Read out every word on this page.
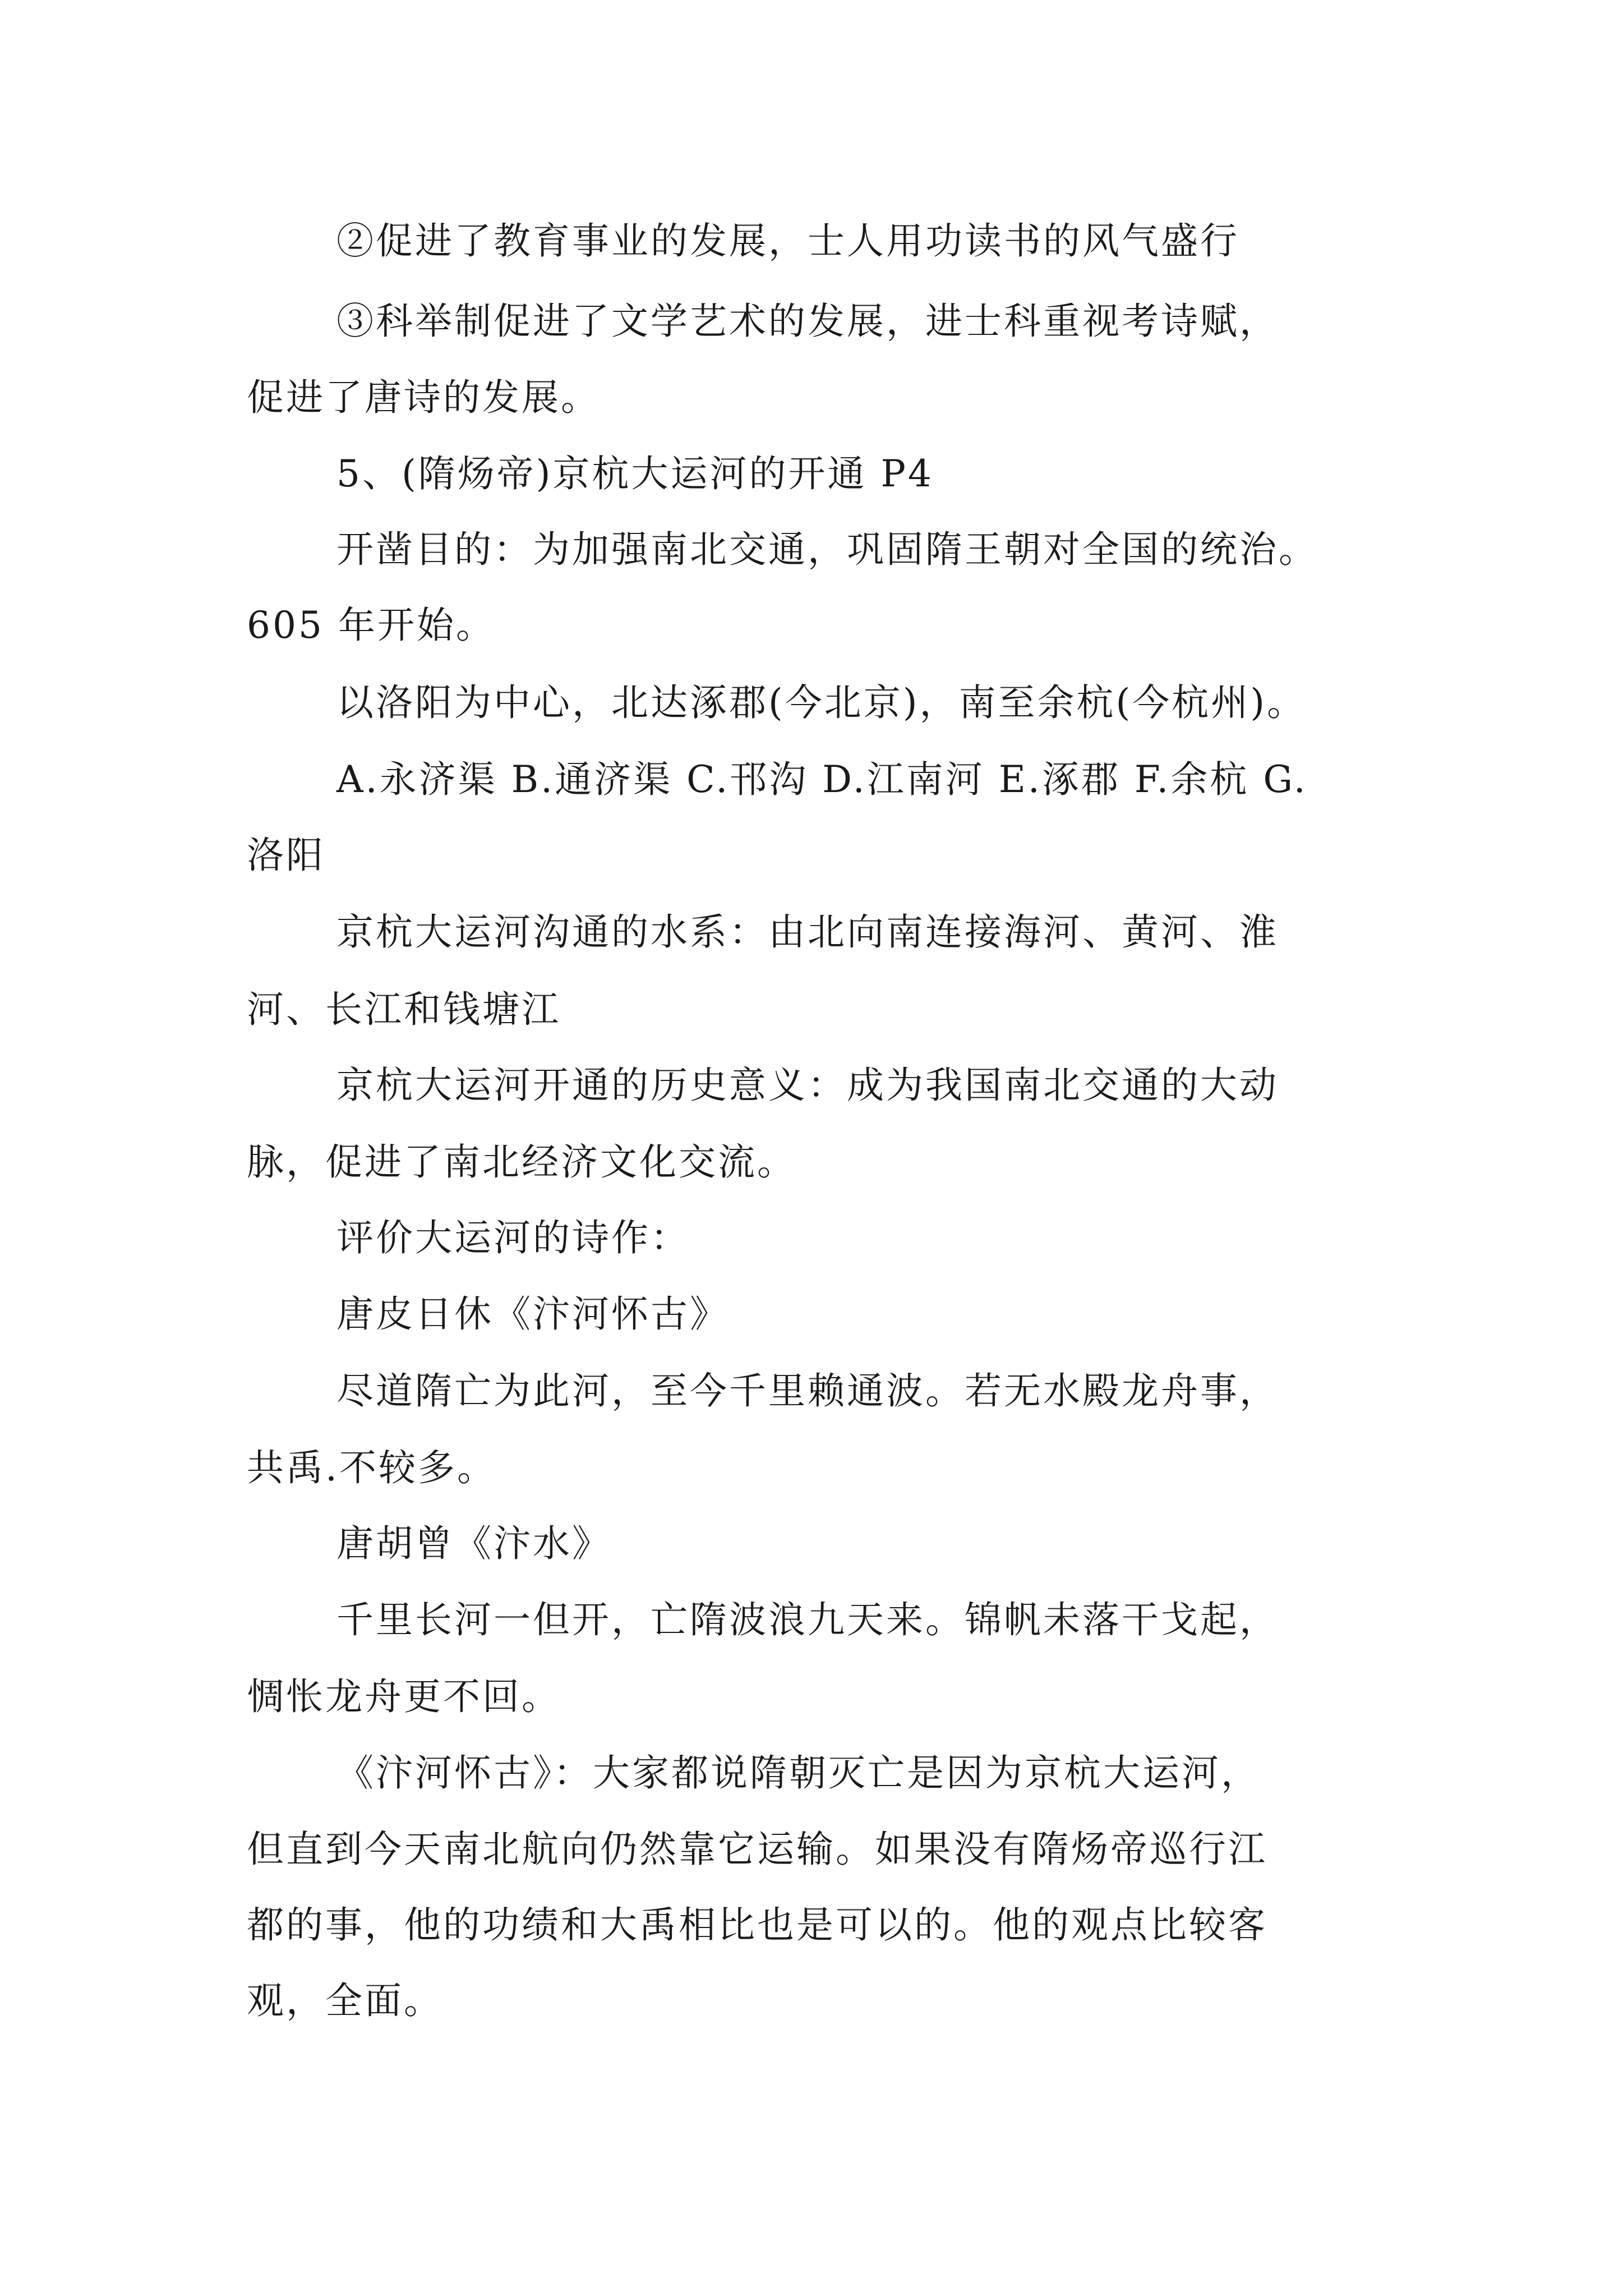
②促进了教育事业的发展，士人用功读书的风气盛行
③科举制促进了文学艺术的发展，进士科重视考诗赋，
促进了唐诗的发展。
5、(隋炀帝)京杭大运河的开通 P4
开凿目的：为加强南北交通，巩固隋王朝对全国的统治。
605 年开始。
以洛阳为中心，北达涿郡(今北京)，南至余杭(今杭州)。
A.永济渠 B.通济渠 C.邗沟 D.江南河 E.涿郡 F.余杭 G.
洛阳
京杭大运河沟通的水系：由北向南连接海河、黄河、淮
河、长江和钱塘江
京杭大运河开通的历史意义：成为我国南北交通的大动
脉，促进了南北经济文化交流。
评价大运河的诗作：
唐皮日休《汴河怀古》
尽道隋亡为此河，至今千里赖通波。若无水殿龙舟事，
共禹.不较多。
唐胡曾《汴水》
千里长河一但开，亡隋波浪九天来。锦帆未落干戈起，
惆怅龙舟更不回。
《汴河怀古》：大家都说隋朝灭亡是因为京杭大运河，
但直到今天南北航向仍然靠它运输。如果没有隋炀帝巡行江
都的事，他的功绩和大禹相比也是可以的。他的观点比较客
观，全面。
